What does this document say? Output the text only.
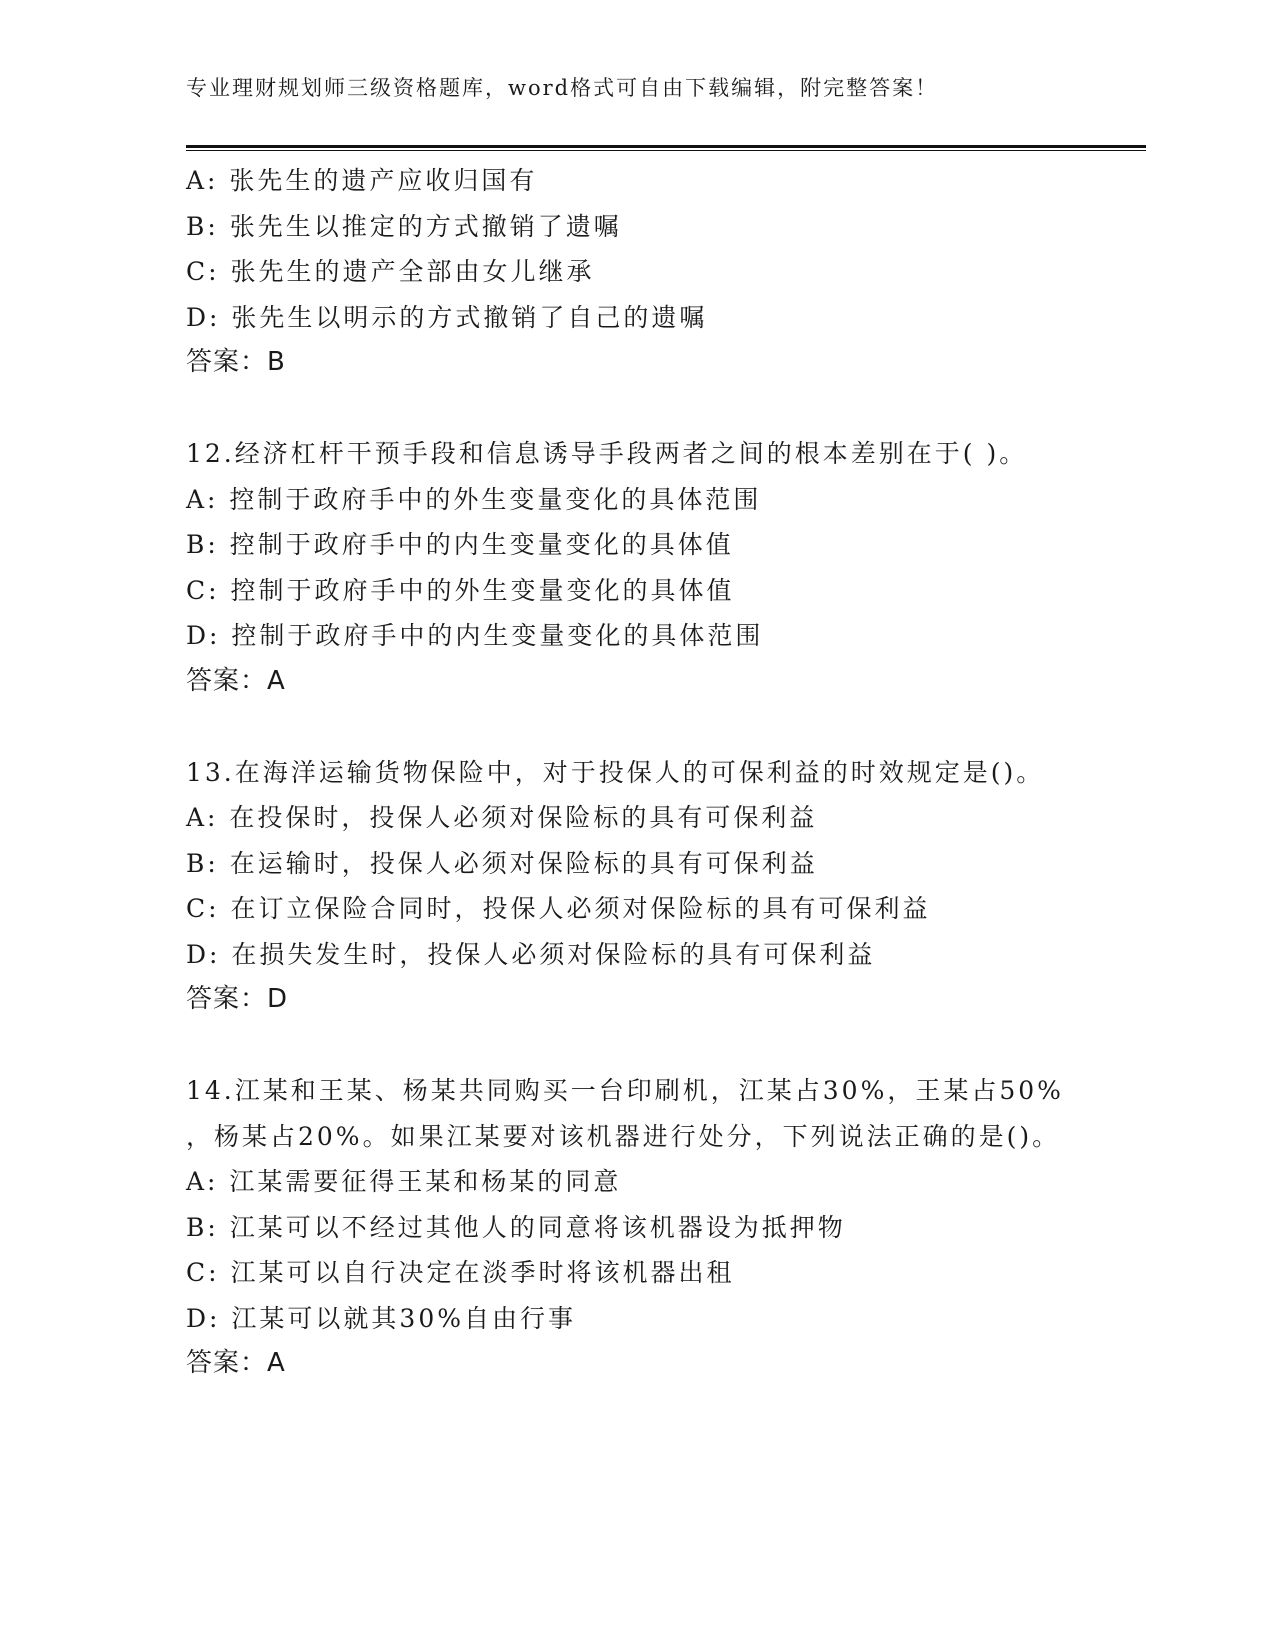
专业理财规划师三级资格题库，word格式可自由下载编辑，附完整答案！
A: 张先生的遗产应收归国有
B: 张先生以推定的方式撤销了遗嘱
C: 张先生的遗产全部由女儿继承
D: 张先生以明示的方式撤销了自己的遗嘱
答案：B
12.经济杠杆干预手段和信息诱导手段两者之间的根本差别在于( )。
A: 控制于政府手中的外生变量变化的具体范围
B: 控制于政府手中的内生变量变化的具体值
C: 控制于政府手中的外生变量变化的具体值
D: 控制于政府手中的内生变量变化的具体范围
答案：A
13.在海洋运输货物保险中，对于投保人的可保利益的时效规定是()。
A: 在投保时，投保人必须对保险标的具有可保利益
B: 在运输时，投保人必须对保险标的具有可保利益
C: 在订立保险合同时，投保人必须对保险标的具有可保利益
D: 在损失发生时，投保人必须对保险标的具有可保利益
答案：D
14.江某和王某、杨某共同购买一台印刷机，江某占30%，王某占50%
，杨某占20%。如果江某要对该机器进行处分，下列说法正确的是()。
A: 江某需要征得王某和杨某的同意
B: 江某可以不经过其他人的同意将该机器设为抵押物
C: 江某可以自行决定在淡季时将该机器出租
D: 江某可以就其30%自由行事
答案：A
